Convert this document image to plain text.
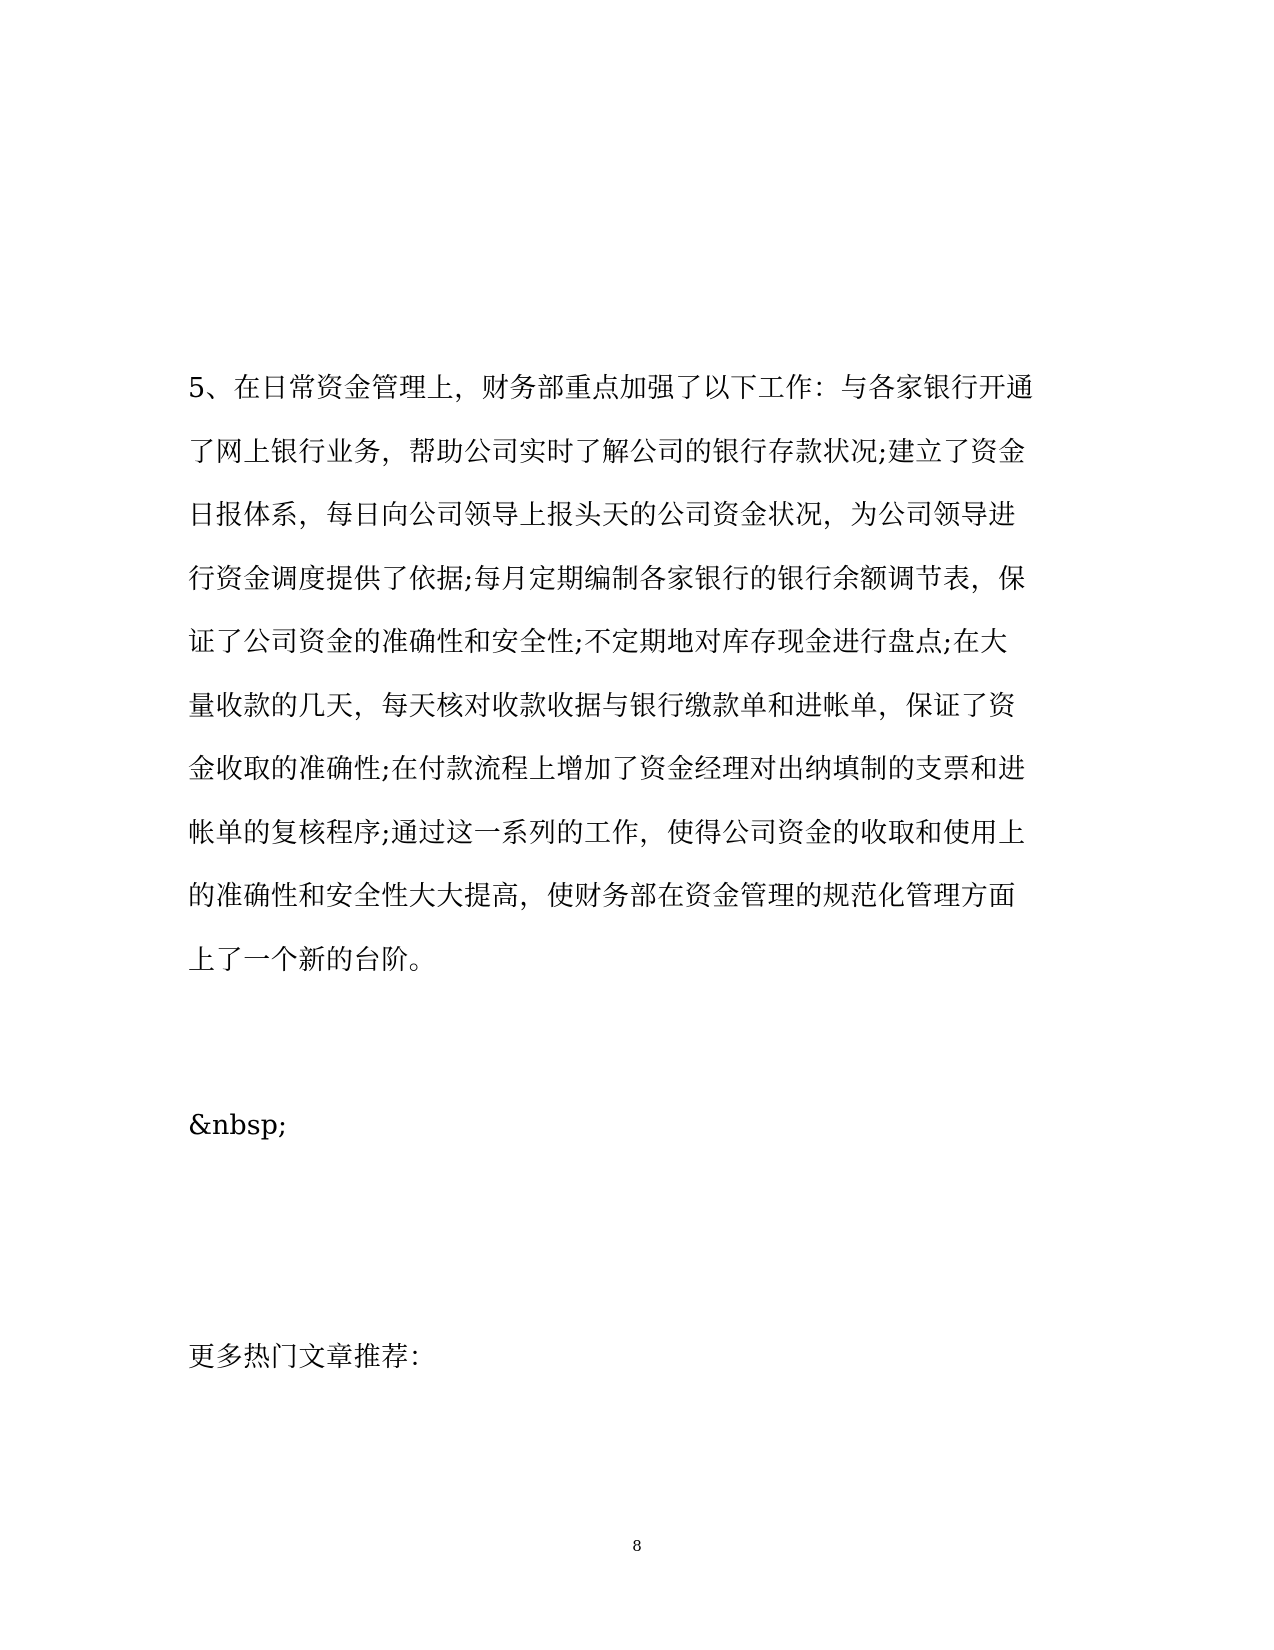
5、在日常资金管理上，财务部重点加强了以下工作：与各家银行开通
了网上银行业务，帮助公司实时了解公司的银行存款状况;建立了资金
日报体系，每日向公司领导上报头天的公司资金状况，为公司领导进
行资金调度提供了依据;每月定期编制各家银行的银行余额调节表，保
证了公司资金的准确性和安全性;不定期地对库存现金进行盘点;在大
量收款的几天，每天核对收款收据与银行缴款单和进帐单，保证了资
金收取的准确性;在付款流程上增加了资金经理对出纳填制的支票和进
帐单的复核程序;通过这一系列的工作，使得公司资金的收取和使用上
的准确性和安全性大大提高，使财务部在资金管理的规范化管理方面
上了一个新的台阶。

&nbsp;

更多热门文章推荐：

8
